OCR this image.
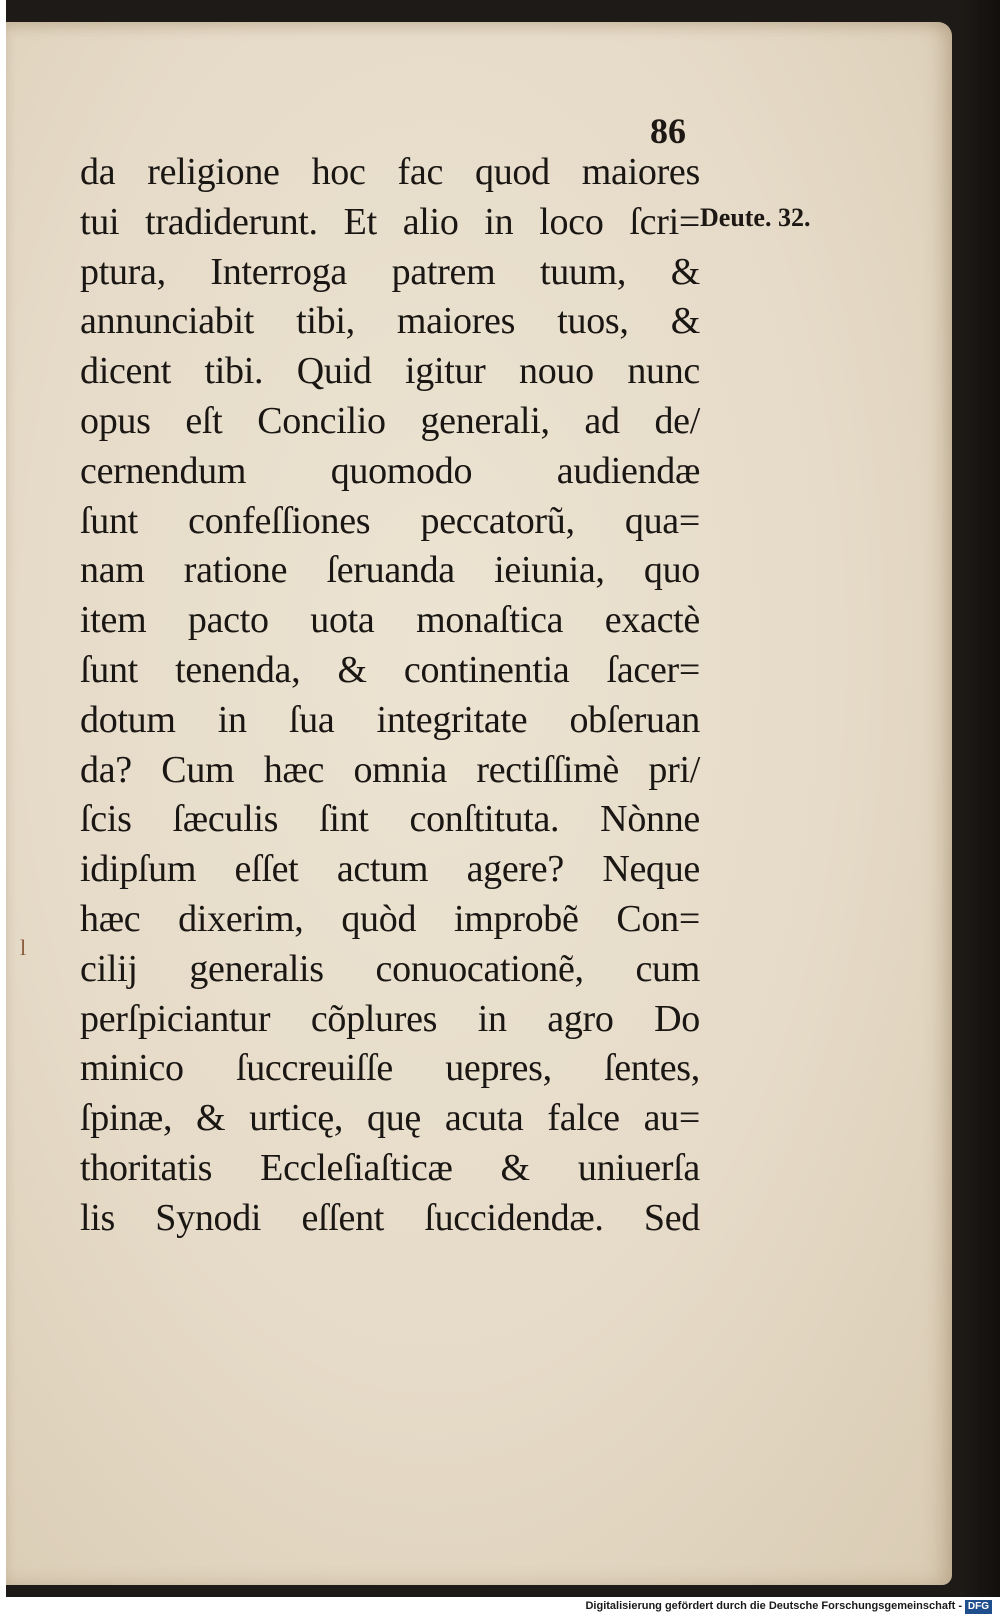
86

Deute. 32.

l

da religione hoc fac quod maiores
tui tradiderunt. Et alio in loco ſcri=
ptura, Interroga patrem tuum, &
annunciabit tibi, maiores tuos, &
dicent tibi. Quid igitur nouo nunc
opus eſt Concilio generali, ad de/
cernendum quomodo audiendæ
ſunt confeſſiones peccatorũ, qua=
nam ratione ſeruanda ieiunia, quo
item pacto uota monaſtica exactè
ſunt tenenda, & continentia ſacer=
dotum in ſua integritate obſeruan
da? Cum hæc omnia rectiſſimè pri/
ſcis ſæculis ſint conſtituta. Nònne
idipſum eſſet actum agere? Neque
hæc dixerim, quòd improbẽ Con=
cilij generalis conuocationẽ, cum
perſpiciantur cõplures in agro Do
minico ſuccreuiſſe uepres, ſentes,
ſpinæ, & urticę, quę acuta falce au=
thoritatis Eccleſiaſticæ & uniuerſa
lis Synodi eſſent ſuccidendæ. Sed

Digitalisierung gefördert durch die Deutsche Forschungsgemeinschaft - DFG
